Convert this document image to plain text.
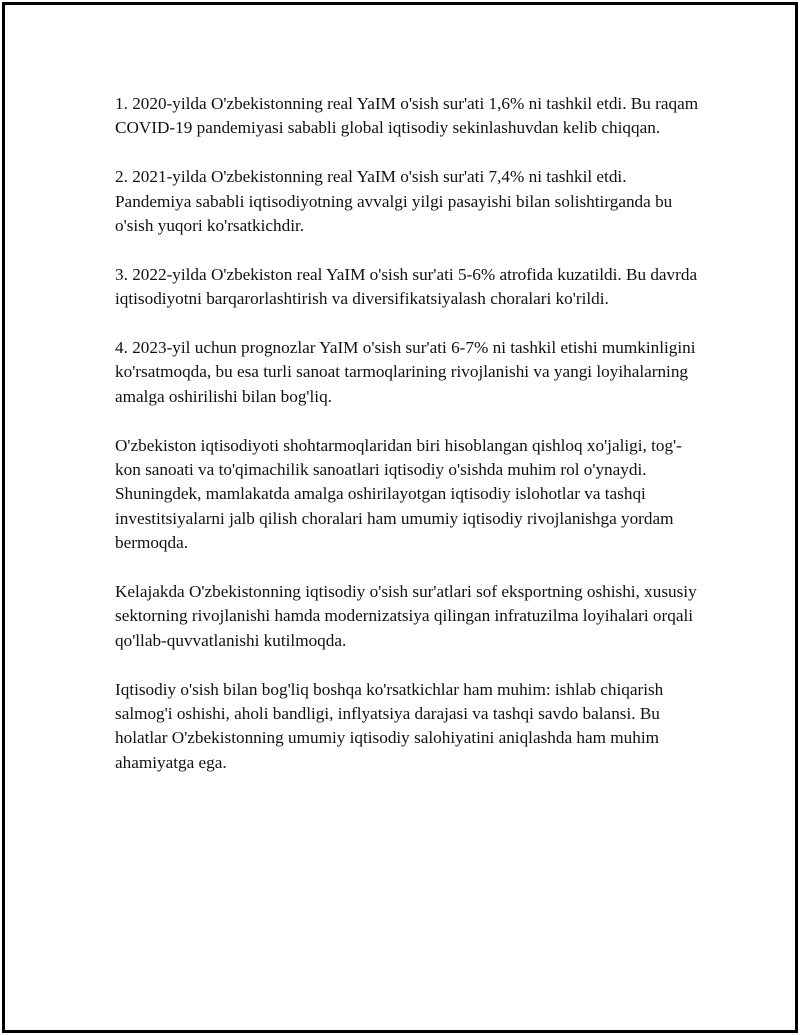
1. 2020-yilda O'zbekistonning real YaIM o'sish sur'ati 1,6% ni tashkil etdi. Bu raqam COVID-19 pandemiyasi sababli global iqtisodiy sekinlashuvdan kelib chiqqan.

2. 2021-yilda O'zbekistonning real YaIM o'sish sur'ati 7,4% ni tashkil etdi. Pandemiya sababli iqtisodiyotning avvalgi yilgi pasayishi bilan solishtirganda bu o'sish yuqori ko'rsatkichdir.

3. 2022-yilda O'zbekiston real YaIM o'sish sur'ati 5-6% atrofida kuzatildi. Bu davrda iqtisodiyotni barqarorlashtirish va diversifikatsiyalash choralari ko'rildi.

4. 2023-yil uchun prognozlar YaIM o'sish sur'ati 6-7% ni tashkil etishi mumkinligini ko'rsatmoqda, bu esa turli sanoat tarmoqlarining rivojlanishi va yangi loyihalarning amalga oshirilishi bilan bog'liq.

O'zbekiston iqtisodiyoti shohtarmoqlaridan biri hisoblangan qishloq xo'jaligi, tog'-kon sanoati va to'qimachilik sanoatlari iqtisodiy o'sishda muhim rol o'ynaydi. Shuningdek, mamlakatda amalga oshirilayotgan iqtisodiy islohotlar va tashqi investitsiyalarni jalb qilish choralari ham umumiy iqtisodiy rivojlanishga yordam bermoqda.

Kelajakda O'zbekistonning iqtisodiy o'sish sur'atlari sof eksportning oshishi, xususiy sektorning rivojlanishi hamda modernizatsiya qilingan infratuzilma loyihalari orqali qo'llab-quvvatlanishi kutilmoqda.

Iqtisodiy o'sish bilan bog'liq boshqa ko'rsatkichlar ham muhim: ishlab chiqarish salmog'i oshishi, aholi bandligi, inflyatsiya darajasi va tashqi savdo balansi. Bu holatlar O'zbekistonning umumiy iqtisodiy salohiyatini aniqlashda ham muhim ahamiyatga ega.
